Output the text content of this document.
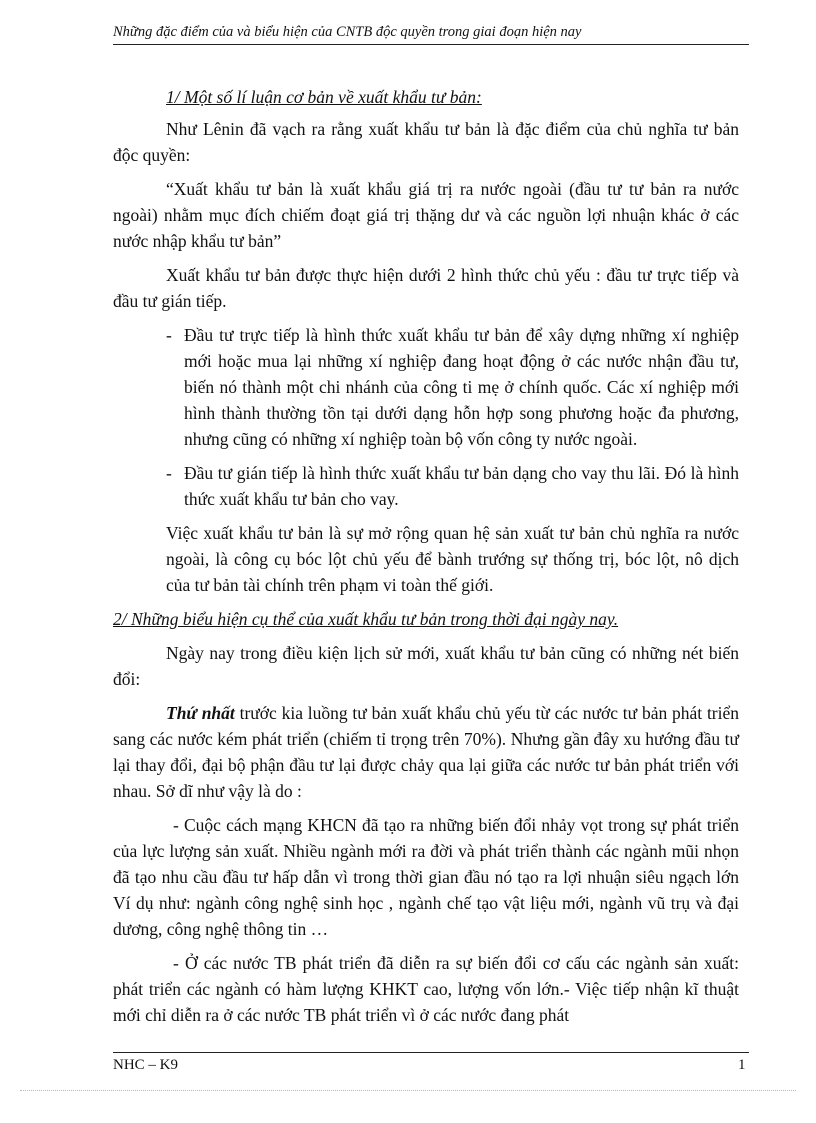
Những đặc điểm của và biểu hiện của CNTB độc quyền trong giai đoạn hiện nay
1/ Một số lí luận cơ bản về xuất khẩu tư bản:

Như Lênin đã vạch ra rằng xuất khẩu tư bản là đặc điểm của chủ nghĩa tư bản độc quyền:

“Xuất khẩu tư bản là xuất khẩu giá trị ra nước ngoài (đầu tư tư bản ra nước ngoài) nhằm mục đích chiếm đoạt giá trị thặng dư và các nguồn lợi nhuận khác ở các nước nhập khẩu tư bản”

Xuất khẩu tư bản được thực hiện dưới 2 hình thức chủ yếu : đầu tư trực tiếp và đầu tư gián tiếp.

- Đầu tư trực tiếp là hình thức xuất khẩu tư bản để xây dựng những xí nghiệp mới hoặc mua lại những xí nghiệp đang hoạt động ở các nước nhận đầu tư, biến nó thành một chi nhánh của công ti mẹ ở chính quốc. Các xí nghiệp mới hình thành thường tồn tại dưới dạng hỗn hợp song phương hoặc đa phương, nhưng cũng có những xí nghiệp toàn bộ vốn công ty nước ngoài.
- Đầu tư gián tiếp là hình thức xuất khẩu tư bản dạng cho vay thu lãi. Đó là hình thức xuất khẩu tư bản cho vay.

Việc xuất khẩu tư bản là sự mở rộng quan hệ sản xuất tư bản chủ nghĩa ra nước ngoài, là công cụ bóc lột chủ yếu để bành trướng sự thống trị, bóc lột, nô dịch của tư bản tài chính trên phạm vi toàn thế giới.

2/ Những biểu hiện cụ thể của xuất khẩu tư bản trong thời đại ngày nay.

Ngày nay trong điều kiện lịch sử mới, xuất khẩu tư bản cũng có những nét biến đổi:

Thứ nhất trước kia luồng tư bản xuất khẩu chủ yếu từ các nước tư bản phát triển sang các nước kém phát triển (chiếm tỉ trọng trên 70%). Nhưng gần đây xu hướng đầu tư lại thay đổi, đại bộ phận đầu tư lại được chảy qua lại giữa các nước tư bản phát triển với nhau. Sở dĩ như vậy là do :

- Cuộc cách mạng KHCN đã tạo ra những biến đổi nhảy vọt trong sự phát triển của lực lượng sản xuất. Nhiều ngành mới ra đời và phát triển thành các ngành mũi nhọn đã tạo nhu cầu đầu tư hấp dẫn vì trong thời gian đầu nó tạo ra lợi nhuận siêu ngạch lớn Ví dụ như: ngành công nghệ sinh học , ngành chế tạo vật liệu mới, ngành vũ trụ và đại dương, công nghệ thông tin …

- Ở các nước TB phát triển đã diễn ra sự biến đổi cơ cấu các ngành sản xuất: phát triển các ngành có hàm lượng KHKT cao, lượng vốn lớn.- Việc tiếp nhận kĩ thuật mới chỉ diễn ra ở các nước TB phát triển vì ở các nước đang phát

NHC – K9	1
